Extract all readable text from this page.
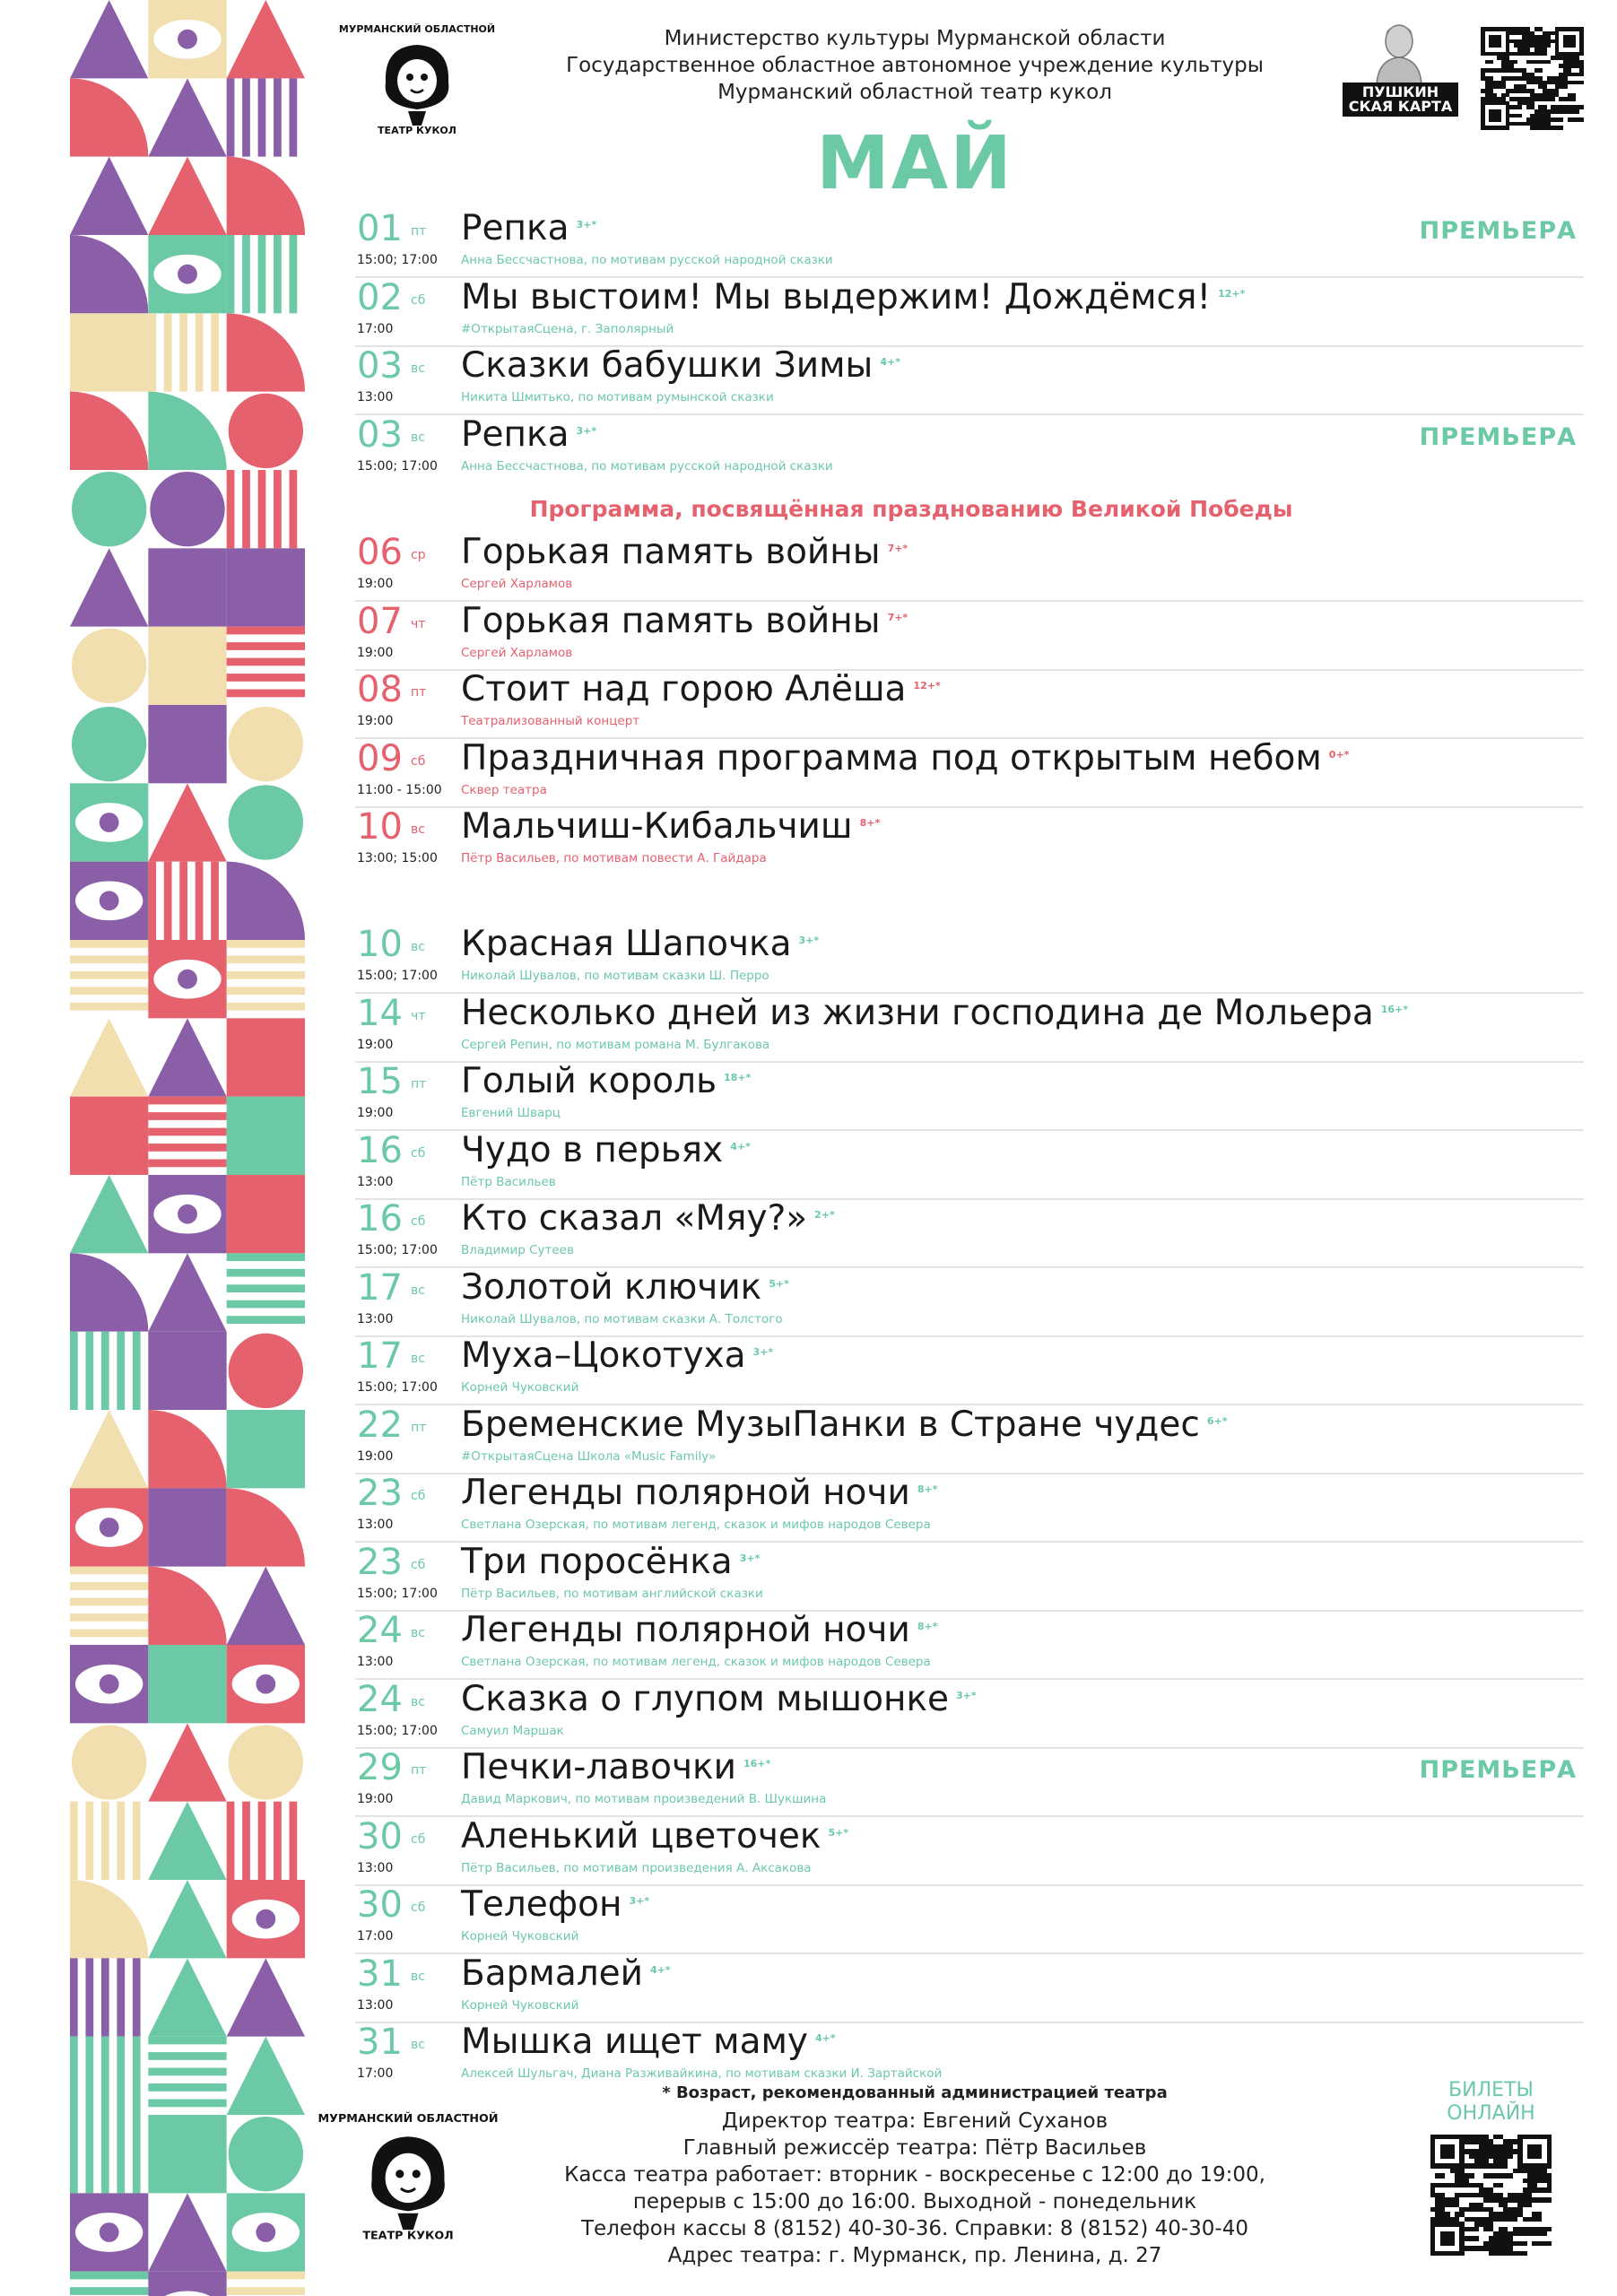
МУРМАНСКИЙ ОБЛАСТНОЙ
ТЕАТР КУКОЛ
Министерство культуры Мурманской области
Государственное областное автономное учреждение культуры
Мурманский областной театр кукол
МАЙ
ПУШКИН СКАЯ КАРТА
Программа, посвящённая празднованию Великой Победы
01 пт
15:00; 17:00
Репка $^{3+*}$
Анна Бессчастнова, по мотивам русской народной сказки
ПРЕМЬЕРА
02 сб
17:00
Мы выстоим! Мы выдержим! Дождёмся! $^{12+*}$
#ОткрытаяСцена, г. Заполярный
03 вс
13:00
Сказки бабушки Зимы $^{4+*}$
Никита Шмитько, по мотивам румынской сказки
03 вс
15:00; 17:00
Репка $^{3+*}$
Анна Бессчастнова, по мотивам русской народной сказки
ПРЕМЬЕРА
06 ср
19:00
Горькая память войны $^{7+*}$
Сергей Харламов
07 чт
19:00
Горькая память войны $^{7+*}$
Сергей Харламов
08 пт
19:00
Стоит над горою Алёша $^{12+*}$
Театрализованный концерт
09 сб
11:00 - 15:00
Праздничная программа под открытым небом $^{0+*}$
Сквер театра
10 вс
13:00; 15:00
Мальчиш-Кибальчиш $^{8+*}$
Пётр Васильев, по мотивам повести А. Гайдара
10 вс
15:00; 17:00
Красная Шапочка $^{3+*}$
Николай Шувалов, по мотивам сказки Ш. Перро
14 чт
19:00
Несколько дней из жизни господина де Мольера $^{16+*}$
Сергей Репин, по мотивам романа М. Булгакова
15 пт
19:00
Голый король $^{18+*}$
Евгений Шварц
16 сб
13:00
Чудо в перьях $^{4+*}$
Пётр Васильев
16 сб
15:00; 17:00
Кто сказал «Мяу?» $^{2+*}$
Владимир Сутеев
17 вс
13:00
Золотой ключик $^{5+*}$
Николай Шувалов, по мотивам сказки А. Толстого
17 вс
15:00; 17:00
Муха–Цокотуха $^{3+*}$
Корней Чуковский
22 пт
19:00
Бременские МузыПанки в Стране чудес $^{6+*}$
#ОткрытаяСцена Школа «Music Family»
23 сб
13:00
Легенды полярной ночи $^{8+*}$
Светлана Озерская, по мотивам легенд, сказок и мифов народов Севера
23 сб
15:00; 17:00
Три поросёнка $^{3+*}$
Пётр Васильев, по мотивам английской сказки
24 вс
13:00
Легенды полярной ночи $^{8+*}$
Светлана Озерская, по мотивам легенд, сказок и мифов народов Севера
24 вс
15:00; 17:00
Сказка о глупом мышонке $^{3+*}$
Самуил Маршак
29 пт
19:00
Печки-лавочки $^{16+*}$
Давид Маркович, по мотивам произведений В. Шукшина
ПРЕМЬЕРА
30 сб
13:00
Аленький цветочек $^{5+*}$
Пётр Васильев, по мотивам произведения А. Аксакова
30 сб
17:00
Телефон $^{3+*}$
Корней Чуковский
31 вс
13:00
Бармалей $^{4+*}$
Корней Чуковский
31 вс
17:00
Мышка ищет маму $^{4+*}$
Алексей Шульгач, Диана Разживайкина, по мотивам сказки И. Зартайской
МУРМАНСКИЙ ОБЛАСТНОЙ
ТЕАТР КУКОЛ
* Возраст, рекомендованный администрацией театра
Директор театра: Евгений Суханов
Главный режиссёр театра: Пётр Васильев
Касса театра работает: вторник - воскресенье с 12:00 до 19:00,
перерыв с 15:00 до 16:00. Выходной - понедельник
Телефон кассы 8 (8152) 40-30-36. Справки: 8 (8152) 40-30-40
Адрес театра: г. Мурманск, пр. Ленина, д. 27
БИЛЕТЫ
ОНЛАЙН
